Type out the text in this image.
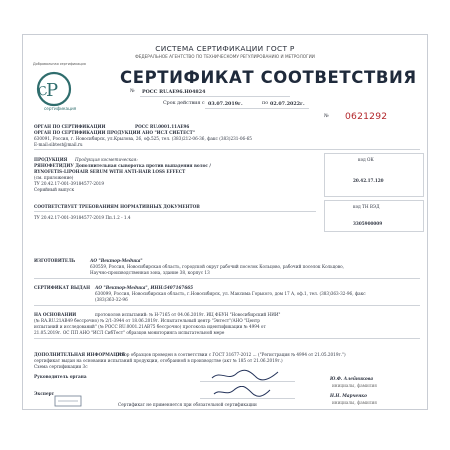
СИСТЕМА СЕРТИФИКАЦИИ ГОСТ Р
ФЕДЕРАЛЬНОЕ АГЕНТСТВО ПО ТЕХНИЧЕСКОМУ РЕГУЛИРОВАНИЮ И МЕТРОЛОГИИ
Добровольная сертификация
P
C
сертификация
СЕРТИФИКАТ СООТВЕТСТВИЯ
№ РОСС RU.AE96.H04824
Срок действия с 03.07.2019г.	по 02.07.2022г.
№ 0621292
ОРГАН ПО СЕРТИФИКАЦИИ	РОСС RU.0001.11AE96
ОРГАН ПО СЕРТИФИКАЦИИ ПРОДУКЦИИ АНО "ИСЛ СИБТЕСТ"
630091, Россия, г. Новосибирск, ул.Крылова, 26, оф.525, тел. (383)212-06-36, факс (383)231-06-65
E-mail:sibtest@mail.ru
ПРОДУКЦИЯ Продукция косметическая:
РЯНОФЕТИДИУ Дополнительная сыворотка против выпадения волос /
RYNOFETIS-LIPOHAIR SERUM WITH ANTI-HAIR LOSS EFFECT
(см. приложение)
ТУ 20.42.17-001-39184577-2019
Серийный выпуск
код ОК
20.42.17.120
СООТВЕТСТВУЕТ ТРЕБОВАНИЯМ НОРМАТИВНЫХ ДОКУМЕНТОВ
ТУ 20.42.17-001-39184577-2019 Пп.1.2 - 1.4
код ТН ВЭД
3305900009
ИЗГОТОВИТЕЛЬ	АО "Вектор-Медика"
630559, Россия, Новосибирская область, городской округ рабочий поселок Кольцово, рабочий поселок Кольцово,
Научно-производственная зона, здание 38, корпус 13
СЕРТИФИКАТ ВЫДАН АО "Вектор-Медика", ИНН:5407167665
630099, Россия, Новосибирская область, г.Новосибирск, ул. Максима Горького, дом 17 А, оф.1, тел. (383)363-32-96, факс
(383)363-32-96
НА ОСНОВАНИИ	протоколов испытаний: № H-7165 от 04.06.2019г. ИЦ ФБУН "Новосибирский НИИ"
(№ RA.RU.21AB49 бессрочно) № 2/1-3944 от 18.06.2019г. Испытательный центр "Энтест"/АНО "Центр
испытаний и исследований" (№ РОСС RU.0001.21AB75 бессрочно) протокола идентификации № 4994 от
21.05.2019г. ОС ПП АНО "ИСЛ СибТест" образцов мониторинга испытательной мере
ДОПОЛНИТЕЛЬНАЯ ИНФОРМАЦИЯ
Отбор образцов проведен в соответствии с ГОСТ 31677-2012 ... ("Регистрация № 4994 от 21.05.2019г.")
сертификат выдан на основании испытаний продукции, отобранной в производстве (акт № 185 от 21.06.2019г.)
Схема сертификации 3с
Руководитель органа	Ю.Ф. Алейникова
инициалы, фамилия
Эксперт	Н.Н. Марченко
инициалы, фамилия
Сертификат не применяется при обязательной сертификации
